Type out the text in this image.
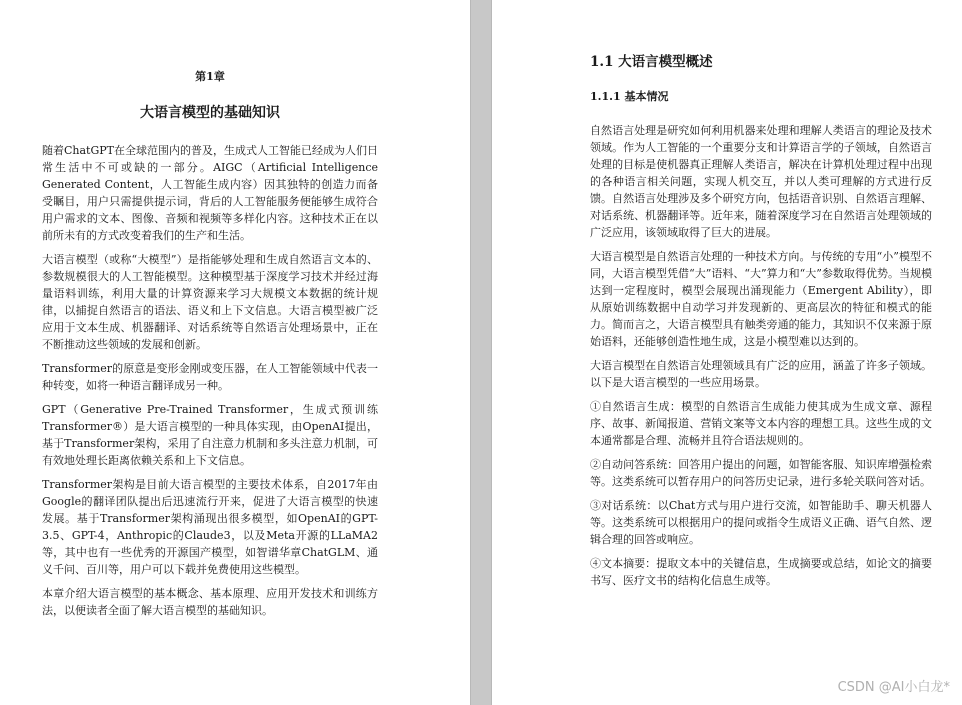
第1章
大语言模型的基础知识

随着ChatGPT在全球范围内的普及，生成式人工智能已经成为人们日常生活中不可或缺的一部分。AIGC（Artificial Intelligence Generated Content，人工智能生成内容）因其独特的创造力而备受瞩目，用户只需提供提示词，背后的人工智能服务便能够生成符合用户需求的文本、图像、音频和视频等多样化内容。这种技术正在以前所未有的方式改变着我们的生产和生活。

大语言模型（或称“大模型”）是指能够处理和生成自然语言文本的、参数规模很大的人工智能模型。这种模型基于深度学习技术并经过海量语料训练，利用大量的计算资源来学习大规模文本数据的统计规律，以捕捉自然语言的语法、语义和上下文信息。大语言模型被广泛应用于文本生成、机器翻译、对话系统等自然语言处理场景中，正在不断推动这些领域的发展和创新。

Transformer的原意是变形金刚或变压器，在人工智能领域中代表一种转变，如将一种语言翻译成另一种。

GPT（Generative Pre-Trained Transformer，生成式预训练Transformer®）是大语言模型的一种具体实现，由OpenAI提出，基于Transformer架构，采用了自注意力机制和多头注意力机制，可有效地处理长距离依赖关系和上下文信息。

Transformer架构是目前大语言模型的主要技术体系，自2017年由Google的翻译团队提出后迅速流行开来，促进了大语言模型的快速发展。基于Transformer架构涌现出很多模型，如OpenAI的GPT-3.5、GPT-4，Anthropic的Claude3，以及Meta开源的LLaMA2等，其中也有一些优秀的开源国产模型，如智谱华章ChatGLM、通义千问、百川等，用户可以下载并免费使用这些模型。

本章介绍大语言模型的基本概念、基本原理、应用开发技术和训练方法，以便读者全面了解大语言模型的基础知识。

1.1 大语言模型概述
1.1.1 基本情况

自然语言处理是研究如何利用机器来处理和理解人类语言的理论及技术领域。作为人工智能的一个重要分支和计算语言学的子领域，自然语言处理的目标是使机器真正理解人类语言，解决在计算机处理过程中出现的各种语言相关问题，实现人机交互，并以人类可理解的方式进行反馈。自然语言处理涉及多个研究方向，包括语音识别、自然语言理解、对话系统、机器翻译等。近年来，随着深度学习在自然语言处理领域的广泛应用，该领域取得了巨大的进展。

大语言模型是自然语言处理的一种技术方向。与传统的专用“小”模型不同，大语言模型凭借“大”语料、“大”算力和“大”参数取得优势。当规模达到一定程度时，模型会展现出涌现能力（Emergent Ability），即从原始训练数据中自动学习并发现新的、更高层次的特征和模式的能力。简而言之，大语言模型具有触类旁通的能力，其知识不仅来源于原始语料，还能够创造性地生成，这是小模型难以达到的。

大语言模型在自然语言处理领域具有广泛的应用，涵盖了许多子领域。以下是大语言模型的一些应用场景。

①自然语言生成：模型的自然语言生成能力使其成为生成文章、源程序、故事、新闻报道、营销文案等文本内容的理想工具。这些生成的文本通常都是合理、流畅并且符合语法规则的。

②自动问答系统：回答用户提出的问题，如智能客服、知识库增强检索等。这类系统可以暂存用户的问答历史记录，进行多轮关联问答对话。

③对话系统：以Chat方式与用户进行交流，如智能助手、聊天机器人等。这类系统可以根据用户的提问或指令生成语义正确、语气自然、逻辑合理的回答或响应。

④文本摘要：提取文本中的关键信息，生成摘要或总结，如论文的摘要书写、医疗文书的结构化信息生成等。

CSDN @AI小白龙*
